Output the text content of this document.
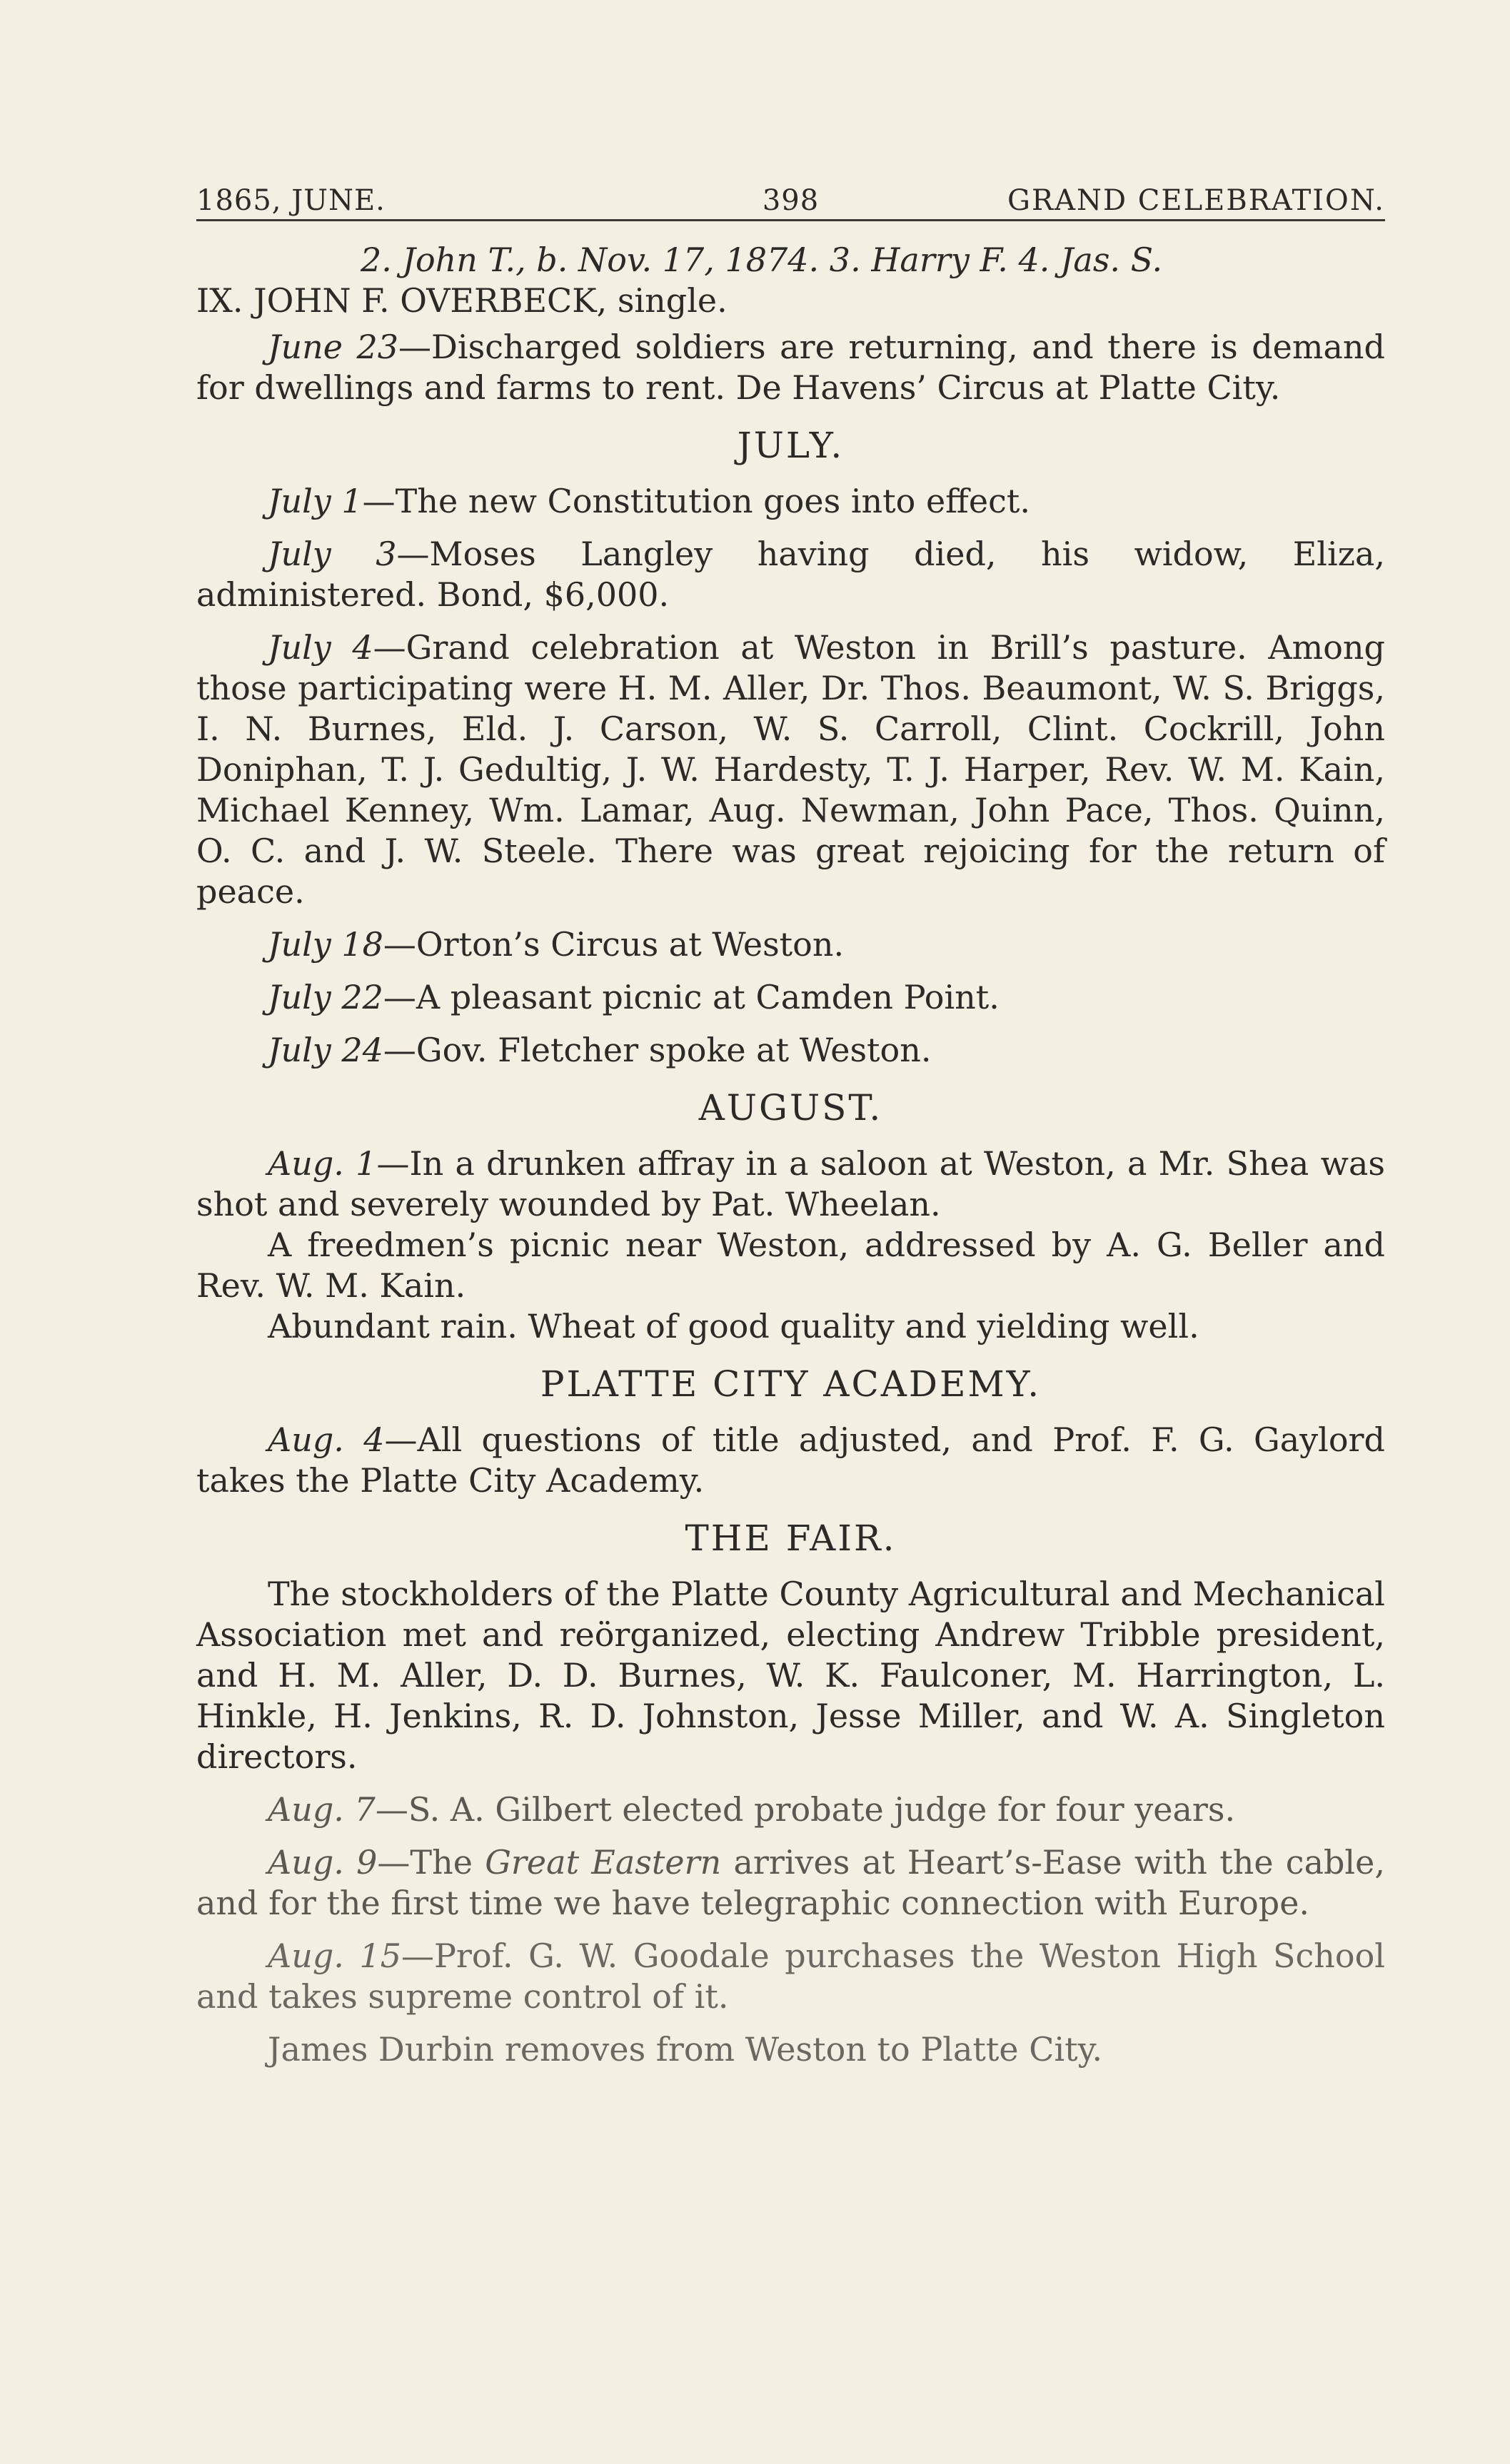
1865, JUNE.	398	GRAND CELEBRATION.

2. John T., b. Nov. 17, 1874. 3. Harry F. 4. Jas. S.

IX. JOHN F. OVERBECK, single.

June 23—Discharged soldiers are returning, and there is demand for dwellings and farms to rent. De Havens’ Circus at Platte City.

JULY.

July 1—The new Constitution goes into effect.

July 3—Moses Langley having died, his widow, Eliza, administered. Bond, $6,000.

July 4—Grand celebration at Weston in Brill’s pasture. Among those participating were H. M. Aller, Dr. Thos. Beaumont, W. S. Briggs, I. N. Burnes, Eld. J. Carson, W. S. Carroll, Clint. Cockrill, John Doniphan, T. J. Gedultig, J. W. Hardesty, T. J. Harper, Rev. W. M. Kain, Michael Kenney, Wm. Lamar, Aug. Newman, John Pace, Thos. Quinn, O. C. and J. W. Steele. There was great rejoicing for the return of peace.

July 18—Orton’s Circus at Weston.

July 22—A pleasant picnic at Camden Point.

July 24—Gov. Fletcher spoke at Weston.

AUGUST.

Aug. 1—In a drunken affray in a saloon at Weston, a Mr. Shea was shot and severely wounded by Pat. Wheelan.

A freedmen’s picnic near Weston, addressed by A. G. Beller and Rev. W. M. Kain.

Abundant rain. Wheat of good quality and yielding well.

PLATTE CITY ACADEMY.

Aug. 4—All questions of title adjusted, and Prof. F. G. Gaylord takes the Platte City Academy.

THE FAIR.

The stockholders of the Platte County Agricultural and Mechanical Association met and reörganized, electing Andrew Tribble president, and H. M. Aller, D. D. Burnes, W. K. Faulconer, M. Harrington, L. Hinkle, H. Jenkins, R. D. Johnston, Jesse Miller, and W. A. Singleton directors.

Aug. 7—S. A. Gilbert elected probate judge for four years.

Aug. 9—The Great Eastern arrives at Heart’s-Ease with the cable, and for the first time we have telegraphic connection with Europe.

Aug. 15—Prof. G. W. Goodale purchases the Weston High School and takes supreme control of it.

James Durbin removes from Weston to Platte City.
